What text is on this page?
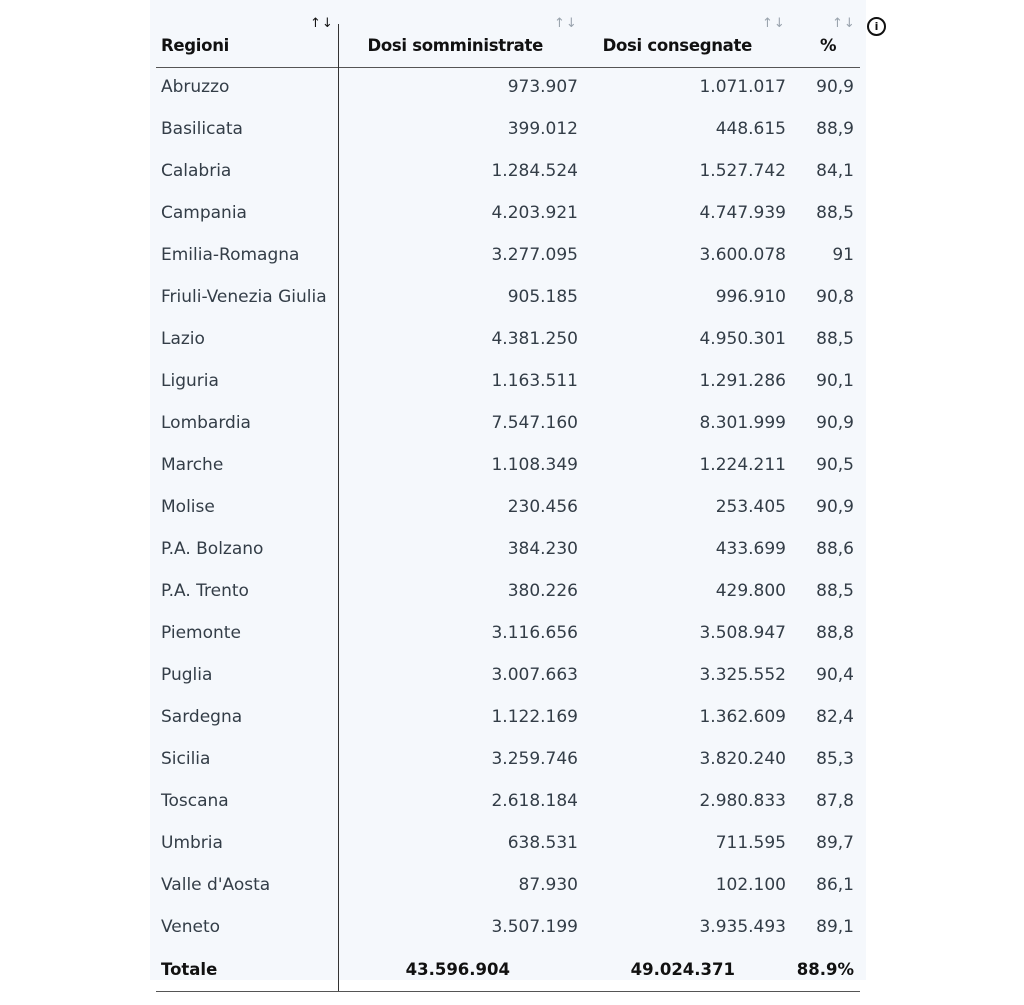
i
↑↓	↑↓	↑↓	↑↓
Regioni	Dosi somministrate	Dosi consegnate	%
Abruzzo	973.907	1.071.017	90,9
Basilicata	399.012	448.615	88,9
Calabria	1.284.524	1.527.742	84,1
Campania	4.203.921	4.747.939	88,5
Emilia-Romagna	3.277.095	3.600.078	91
Friuli-Venezia Giulia	905.185	996.910	90,8
Lazio	4.381.250	4.950.301	88,5
Liguria	1.163.511	1.291.286	90,1
Lombardia	7.547.160	8.301.999	90,9
Marche	1.108.349	1.224.211	90,5
Molise	230.456	253.405	90,9
P.A. Bolzano	384.230	433.699	88,6
P.A. Trento	380.226	429.800	88,5
Piemonte	3.116.656	3.508.947	88,8
Puglia	3.007.663	3.325.552	90,4
Sardegna	1.122.169	1.362.609	82,4
Sicilia	3.259.746	3.820.240	85,3
Toscana	2.618.184	2.980.833	87,8
Umbria	638.531	711.595	89,7
Valle d'Aosta	87.930	102.100	86,1
Veneto	3.507.199	3.935.493	89,1
Totale	43.596.904	49.024.371	88.9%
